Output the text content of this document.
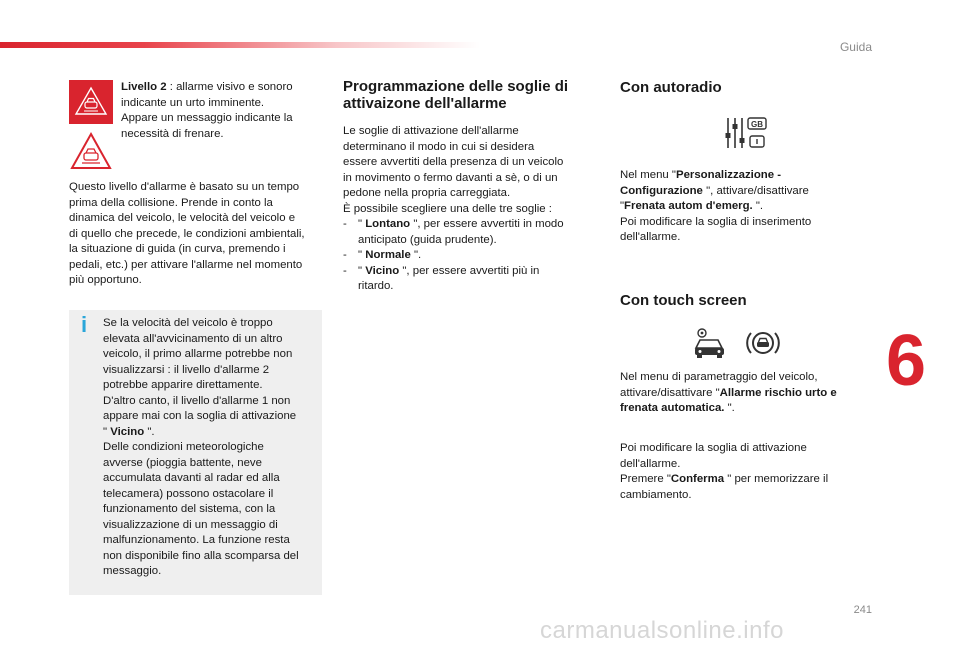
Guida
241
6
carmanualsonline.info

Livello 2 : allarme visivo e sonoro

indicante un urto imminente.

Appare un messaggio indicante la

necessità di frenare.

Questo livello d'allarme è basato su un tempo

prima della collisione. Prende in conto la

dinamica del veicolo, le velocità del veicolo e

di quello che precede, le condizioni ambientali,

la situazione di guida (in curva, premendo i

pedali, etc.) per attivare l'allarme nel momento

più opportuno.

i Se la velocità del veicolo è troppo

elevata all'avvicinamento di un altro

veicolo, il primo allarme potrebbe non

visualizzarsi : il livello d'allarme 2

potrebbe apparire direttamente.

D'altro canto, il livello d'allarme 1 non

appare mai con la soglia di attivazione

" Vicino ".

Delle condizioni meteorologiche

avverse (pioggia battente, neve

accumulata davanti al radar ed alla

telecamera) possono ostacolare il

funzionamento del sistema, con la

visualizzazione di un messaggio di

malfunzionamento. La funzione resta

non disponibile fino alla scomparsa del

messaggio.

Programmazione delle soglie di
attivaizone dell'allarme

Le soglie di attivazione dell'allarme

determinano il modo in cui si desidera

essere avvertiti della presenza di un veicolo

in movimento o fermo davanti a sè, o di un

pedone nella propria carreggiata.

È possibile scegliere una delle tre soglie :

- " Lontano ", per essere avvertiti in modo
anticipato (guida prudente).
- " Normale ".
- " Vicino ", per essere avvertiti più in
ritardo.
Con autoradio
GB

Nel menu "Personalizzazione -

Configurazione ", attivare/disattivare

"Frenata autom d'emerg. ".

Poi modificare la soglia di inserimento

dell'allarme.

Con touch screen

Nel menu di parametraggio del veicolo,

attivare/disattivare "Allarme rischio urto e

frenata automatica. ".

Poi modificare la soglia di attivazione

dell'allarme.

Premere "Conferma " per memorizzare il

cambiamento.
